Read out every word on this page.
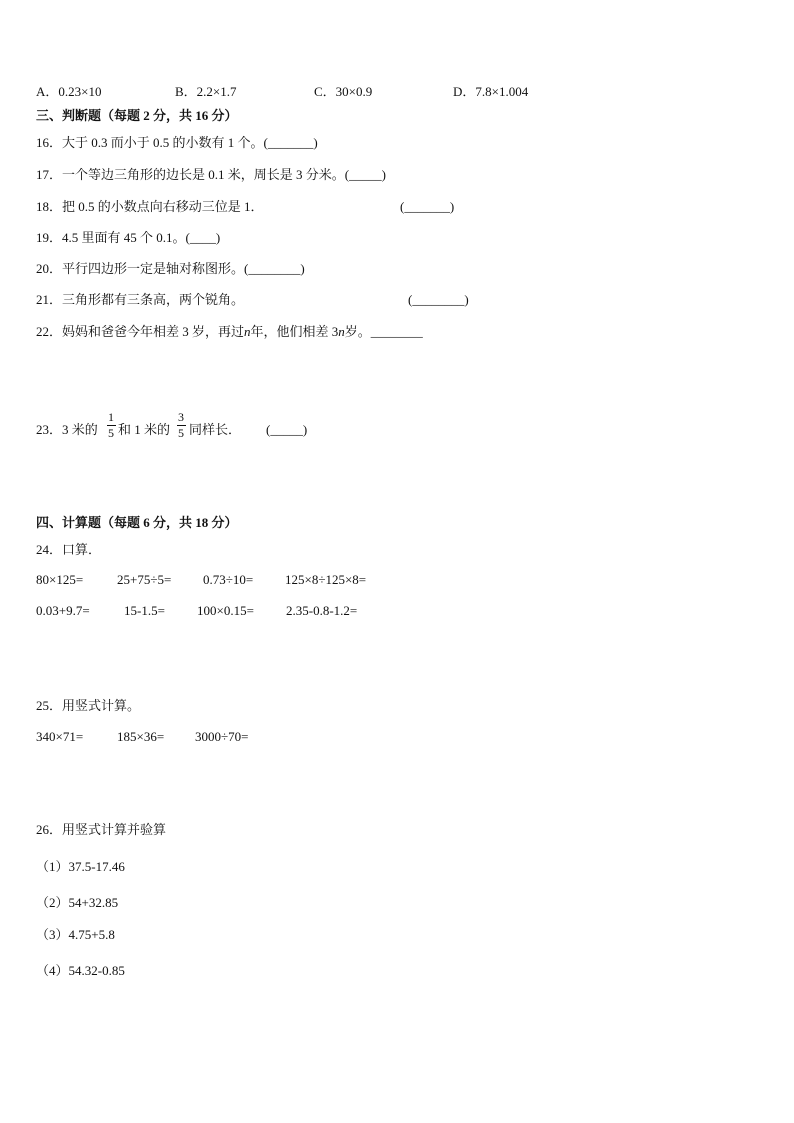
A．0.23×10	B．2.2×1.7	C．30×0.9	D．7.8×1.004
三、判断题（每题 2 分，共 16 分）
16．大于 0.3 而小于 0.5 的小数有 1 个。(_______)
17．一个等边三角形的边长是 0.1 米，周长是 3 分米。(_____)
18．把 0.5 的小数点向右移动三位是 1．	(_______)
19．4.5 里面有 45 个 0.1。(____)
20．平行四边形一定是轴对称图形。(________)
21．三角形都有三条高，两个锐角。	(________)
22．妈妈和爸爸今年相差 3 岁，再过n年，他们相差 3n岁。________
23．3 米的
1
5 和 1 米的
3
5 同样长． (_____)
四、计算题（每题 6 分，共 18 分）
24．口算．
80×125=	25+75÷5= 0.73÷10= 125×8÷125×8=
0.03+9.7=	15-1.5= 100×0.15= 2.35-0.8-1.2=
25．用竖式计算。
340×71=	185×36= 3000÷70=
26．用竖式计算并验算
（1）37.5-17.46
（2）54+32.85
（3）4.75+5.8
（4）54.32-0.85
